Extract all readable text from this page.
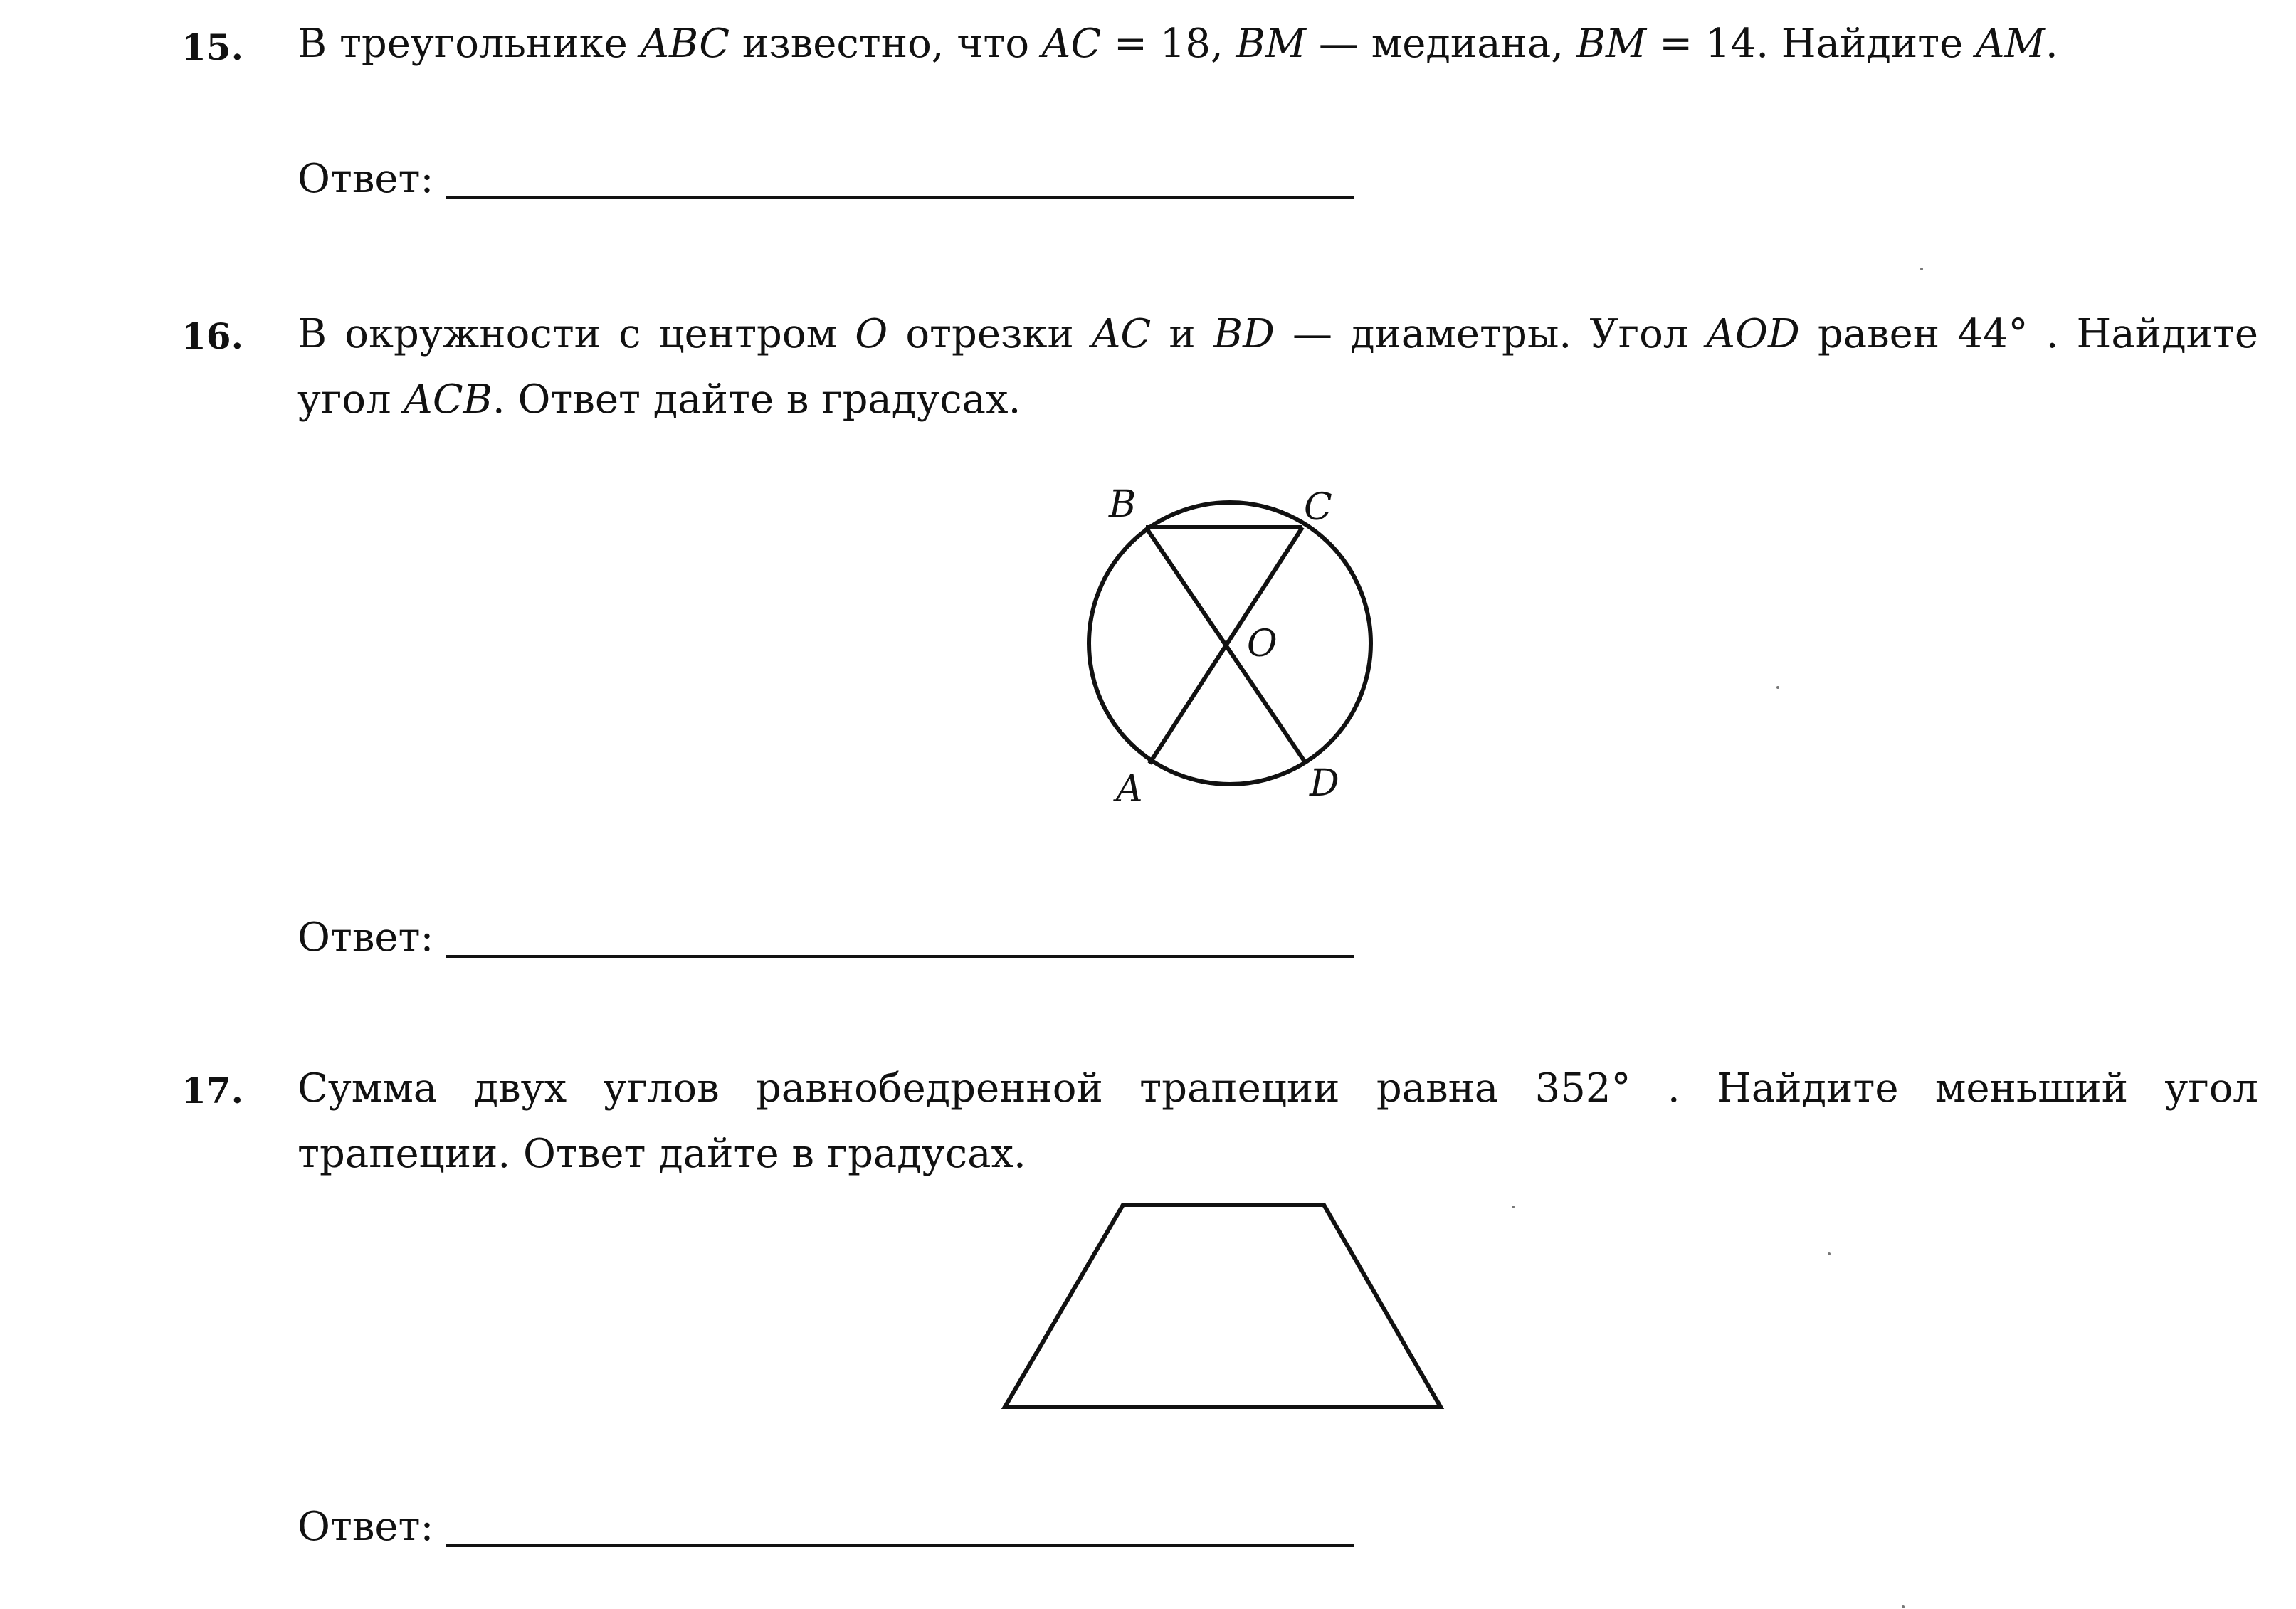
15. В треугольнике ABC известно, что AC = 18, BM — медиана, BM = 14. Найдите AM.
Ответ:
16. В окружности с центром O отрезки AC и BD — диаметры. Угол AOD равен 44° . Найдите
угол ACB. Ответ дайте в градусах.
B	C
O
A	D
Ответ:
17. Сумма двух углов равнобедренной трапеции равна 352° . Найдите меньший угол
трапеции. Ответ дайте в градусах.
Ответ:
